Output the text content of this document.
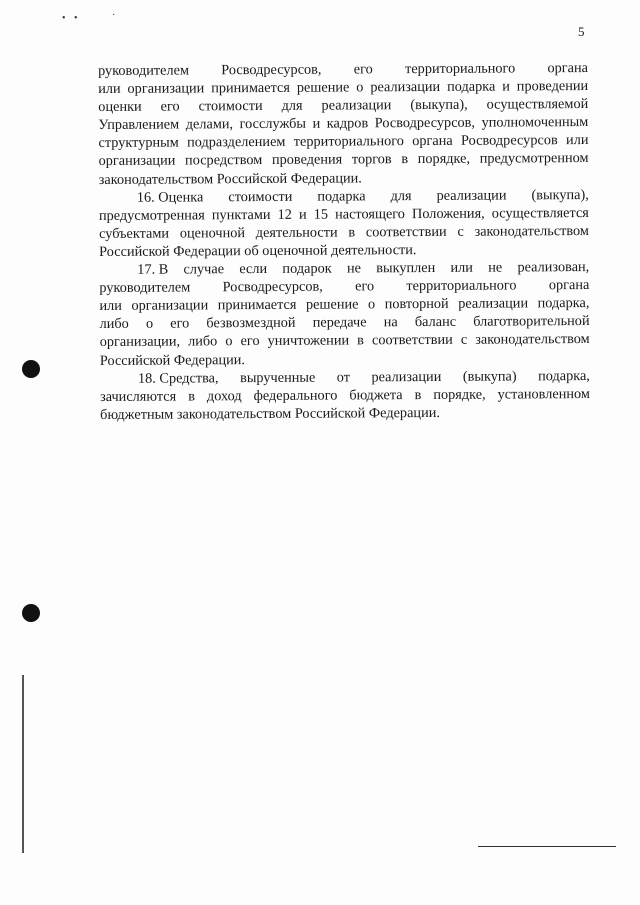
• •	·
5
руководителем Росводресурсов, его территориального органа
или организации принимается решение о реализации подарка и проведении
оценки его стоимости для реализации (выкупа), осуществляемой
Управлением делами, госслужбы и кадров Росводресурсов, уполномоченным
структурным подразделением территориального органа Росводресурсов или
организации посредством проведения торгов в порядке, предусмотренном
законодательством Российской Федерации.
16. Оценка стоимости подарка для реализации (выкупа),
предусмотренная пунктами 12 и 15 настоящего Положения, осуществляется
субъектами оценочной деятельности в соответствии с законодательством
Российской Федерации об оценочной деятельности.
17. В случае если подарок не выкуплен или не реализован,
руководителем Росводресурсов, его территориального органа
или организации принимается решение о повторной реализации подарка,
либо о его безвозмездной передаче на баланс благотворительной
организации, либо о его уничтожении в соответствии с законодательством
Российской Федерации.
18. Средства, вырученные от реализации (выкупа) подарка,
зачисляются в доход федерального бюджета в порядке, установленном
бюджетным законодательством Российской Федерации.
